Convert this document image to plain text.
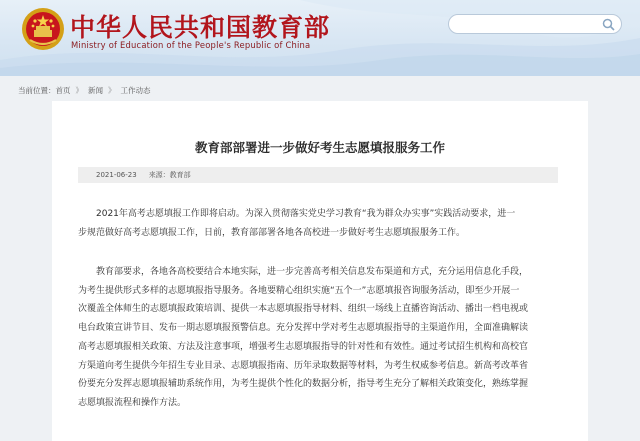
中华人民共和国教育部
Ministry of Education of the People's Republic of China
当前位置： 首页 》 新闻 》 工作动态
教育部部署进一步做好考生志愿填报服务工作
2021-06-23 来源：教育部

2021年高考志愿填报工作即将启动。为深入贯彻落实党史学习教育“我为群众办实事”实践活动要求，进一
步规范做好高考志愿填报工作，日前，教育部部署各地各高校进一步做好考生志愿填报服务工作。

教育部要求，各地各高校要结合本地实际，进一步完善高考相关信息发布渠道和方式，充分运用信息化手段，
为考生提供形式多样的志愿填报指导服务。各地要精心组织实施“五个一”志愿填报咨询服务活动，即至少开展一
次覆盖全体师生的志愿填报政策培训、提供一本志愿填报指导材料、组织一场线上直播咨询活动、播出一档电视或
电台政策宣讲节目、发布一期志愿填报预警信息。充分发挥中学对考生志愿填报指导的主渠道作用，全面准确解读
高考志愿填报相关政策、方法及注意事项，增强考生志愿填报指导的针对性和有效性。通过考试招生机构和高校官
方渠道向考生提供今年招生专业目录、志愿填报指南、历年录取数据等材料，为考生权威参考信息。新高考改革省
份要充分发挥志愿填报辅助系统作用，为考生提供个性化的数据分析，指导考生充分了解相关政策变化，熟练掌握
志愿填报流程和操作方法。
